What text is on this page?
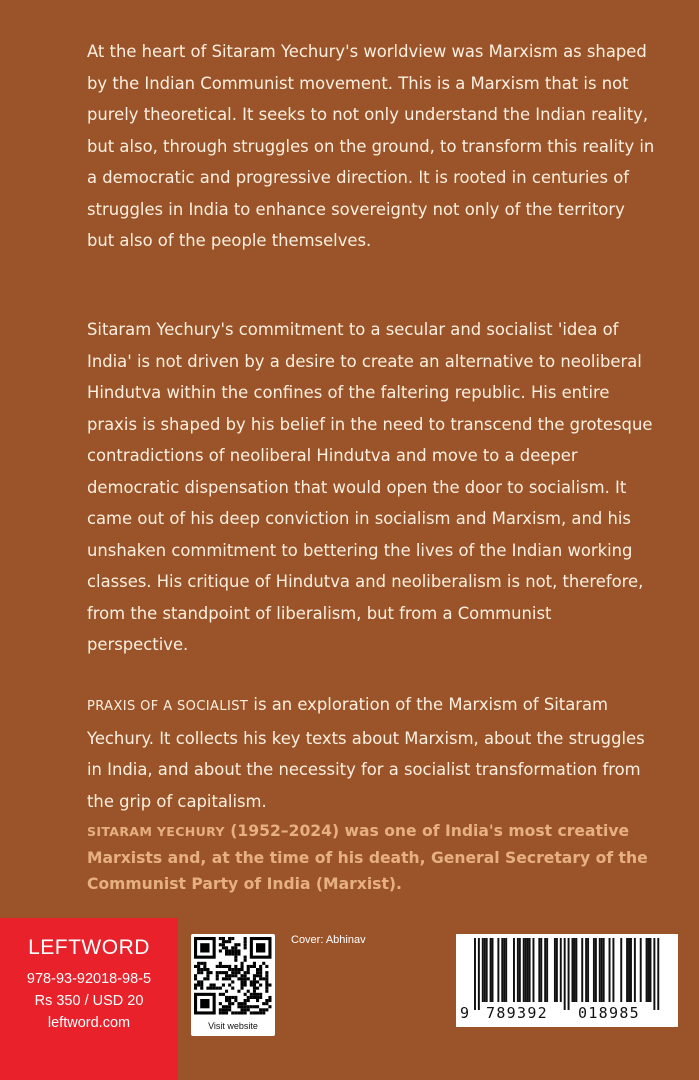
At the heart of Sitaram Yechury's worldview was Marxism as shaped by the Indian Communist movement. This is a Marxism that is not purely theoretical. It seeks to not only understand the Indian reality, but also, through struggles on the ground, to transform this reality in a democratic and progressive direction. It is rooted in centuries of struggles in India to enhance sovereignty not only of the territory but also of the people themselves.

Sitaram Yechury's commitment to a secular and socialist 'idea of India' is not driven by a desire to create an alternative to neoliberal Hindutva within the confines of the faltering republic. His entire praxis is shaped by his belief in the need to transcend the grotesque contradictions of neoliberal Hindutva and move to a deeper democratic dispensation that would open the door to socialism. It came out of his deep conviction in socialism and Marxism, and his unshaken commitment to bettering the lives of the Indian working classes. His critique of Hindutva and neoliberalism is not, therefore, from the standpoint of liberalism, but from a Communist perspective.

PRAXIS OF A SOCIALIST is an exploration of the Marxism of Sitaram Yechury. It collects his key texts about Marxism, about the struggles in India, and about the necessity for a socialist transformation from the grip of capitalism.

SITARAM YECHURY (1952–2024) was one of India's most creative Marxists and, at the time of his death, General Secretary of the Communist Party of India (Marxist).

LEFTWORD
978-93-92018-98-5
Rs 350 / USD 20
leftword.com	Visit website
Cover: Abhinav
9 789392 018985
